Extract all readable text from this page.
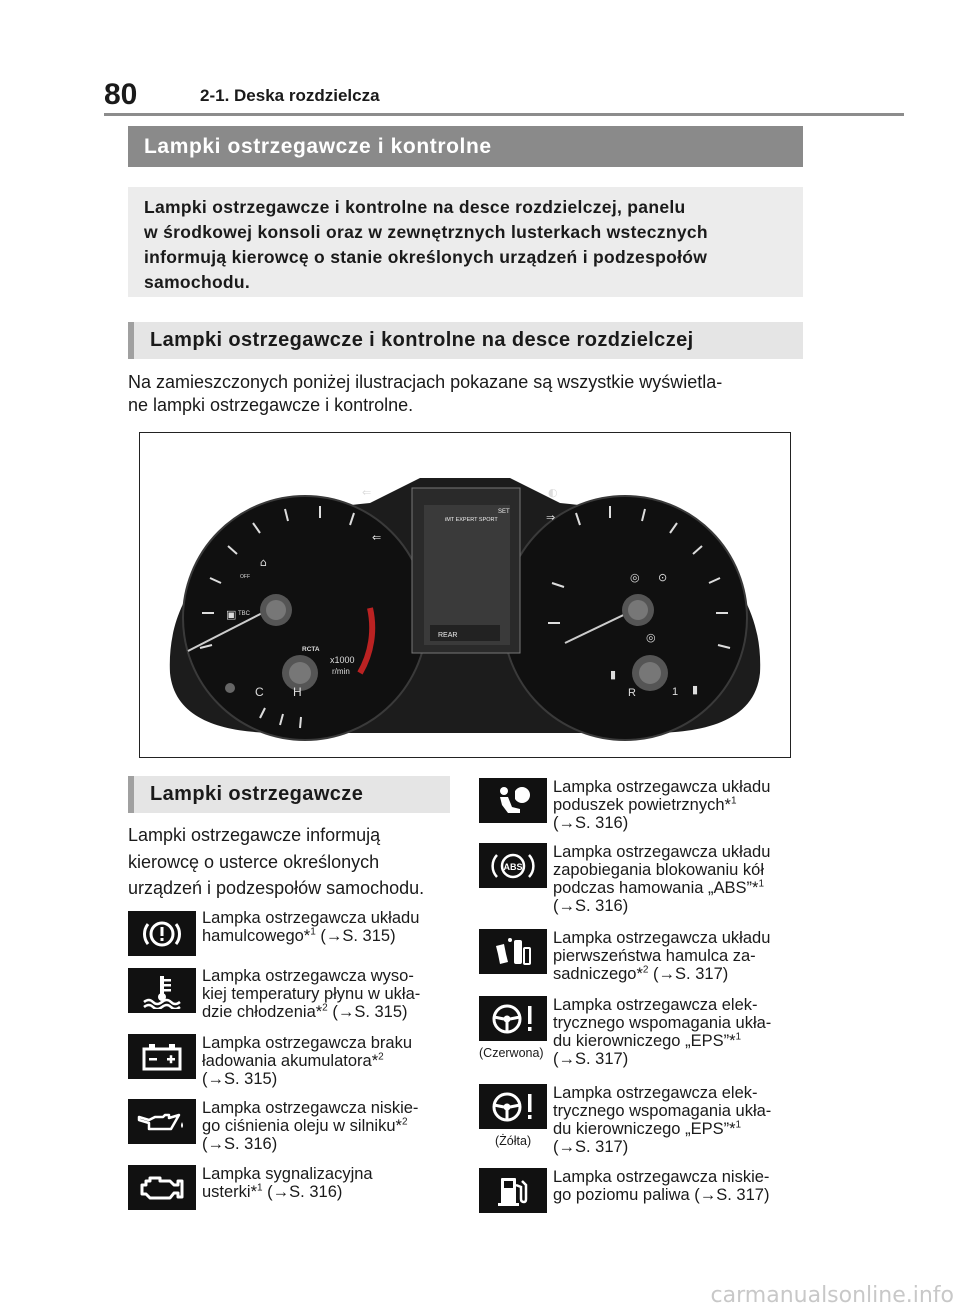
80	2-1. Deska rozdzielcza
Lampki ostrzegawcze i kontrolne
Lampki ostrzegawcze i kontrolne na desce rozdzielczej, panelu
w środkowej konsoli oraz w zewnętrznych lusterkach wstecznych
informują kierowcę o stanie określonych urządzeń i podzespołów
samochodu.
Lampki ostrzegawcze i kontrolne na desce rozdzielczej
Na zamieszczonych poniżej ilustracjach pokazane są wszystkie wyświetla-
ne lampki ostrzegawcze i kontrolne.
iMT EXPERT SPORT
REAR
SET
⇐
⇐
◐
⇒
⌂
◎ ⊙
◎
▣
▮
▮
OFF
TBC
RCTA
x1000
r/min
C H	R	1
Lampki ostrzegawcze
Lampki ostrzegawcze informują
kierowcę o usterce określonych
urządzeń i podzespołów samochodu.
Lampka ostrzegawcza układu
hamulcowego*$^1$ (→S. 315)
Lampka ostrzegawcza wyso-
kiej temperatury płynu w ukła-
dzie chłodzenia*$^2$ (→S. 315)
Lampka ostrzegawcza braku
ładowania akumulatora*$^2$
(→S. 315)
Lampka ostrzegawcza niskie-
go ciśnienia oleju w silniku*$^2$
(→S. 316)
Lampka sygnalizacyjna
usterki*$^1$ (→S. 316)
Lampka ostrzegawcza układu
poduszek powietrznych*$^1$
(→S. 316)
ABS
Lampka ostrzegawcza układu
zapobiegania blokowaniu kół
podczas hamowania „ABS”*$^1$
(→S. 316)
Lampka ostrzegawcza układu
pierwszeństwa hamulca za-
sadniczego*$^2$ (→S. 317)
(Czerwona)
Lampka ostrzegawcza elek-
trycznego wspomagania ukła-
du kierowniczego „EPS”*$^1$
(→S. 317)
(Żółta)
Lampka ostrzegawcza elek-
trycznego wspomagania ukła-
du kierowniczego „EPS”*$^1$
(→S. 317)
Lampka ostrzegawcza niskie-
go poziomu paliwa (→S. 317)
carmanualsonline.info
